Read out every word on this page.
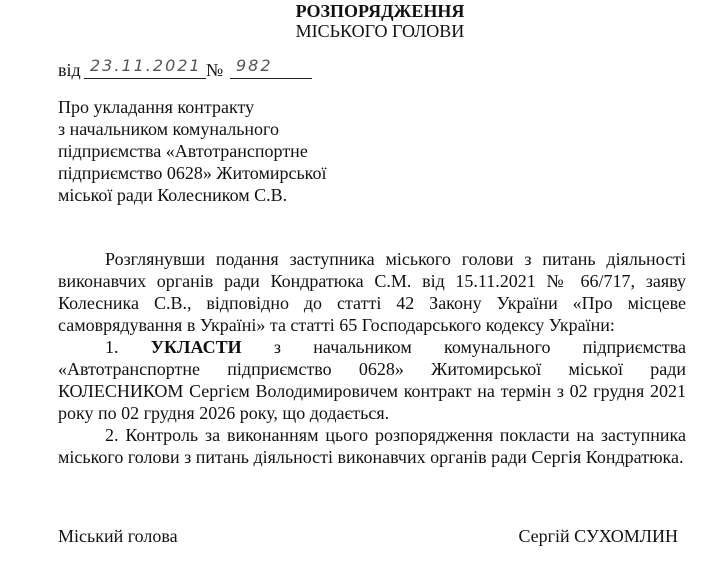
РОЗПОРЯДЖЕННЯ
МІСЬКОГО ГОЛОВИ
від 23.11.2021 № 982
Про укладання контракту
з начальником комунального
підприємства «Автотранспортне
підприємство 0628» Житомирської
міської ради Колесником С.В.

Розглянувши подання заступника міського голови з питань діяльності виконавчих органів ради Кондратюка С.М. від 15.11.2021 № 66/717, заяву Колесника С.В., відповідно до статті 42 Закону України «Про місцеве самоврядування в Україні» та статті 65 Господарського кодексу України:

1. УКЛАСТИ з начальником комунального підприємства «Автотранспортне підприємство 0628» Житомирської міської ради КОЛЕСНИКОМ Сергієм Володимировичем контракт на термін з 02 грудня 2021 року по 02 грудня 2026 року, що додається.

2. Контроль за виконанням цього розпорядження покласти на заступника міського голови з питань діяльності виконавчих органів ради Сергія Кондратюка.

Міський голова	Сергій СУХОМЛИН
